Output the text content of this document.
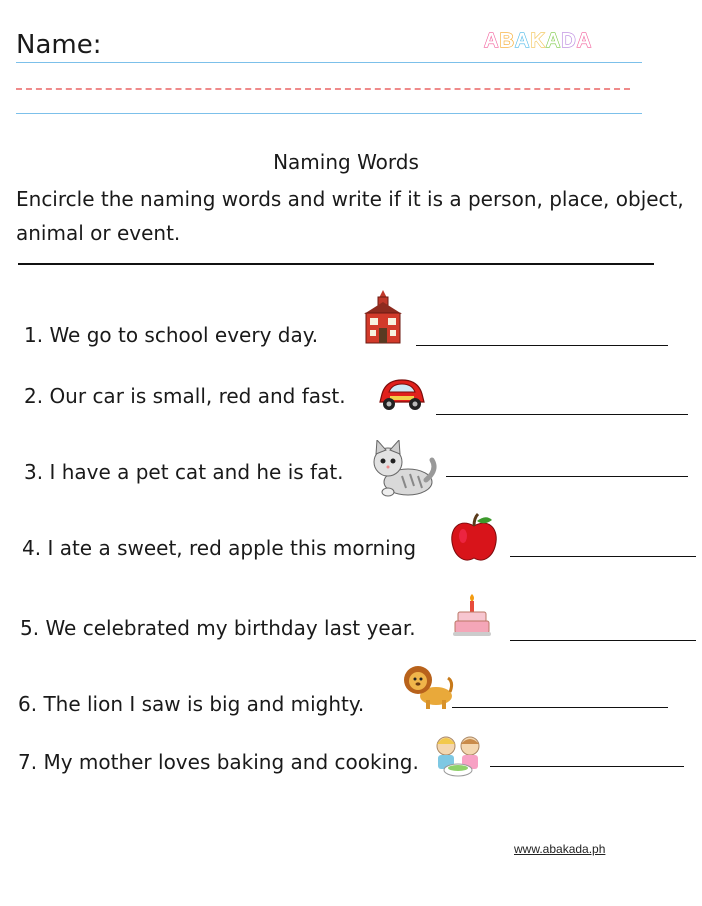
Name:	ABAKADA
Naming Words
Encircle the naming words and write if it is a person, place, object, animal or event.
1. We go to school every day.
2. Our car is small, red and fast.
3. I have a pet cat and he is fat.
4. I ate a sweet, red apple this morning
5. We celebrated my birthday last year.
6. The lion I saw is big and mighty.
7. My mother loves baking and cooking.
www.abakada.ph
